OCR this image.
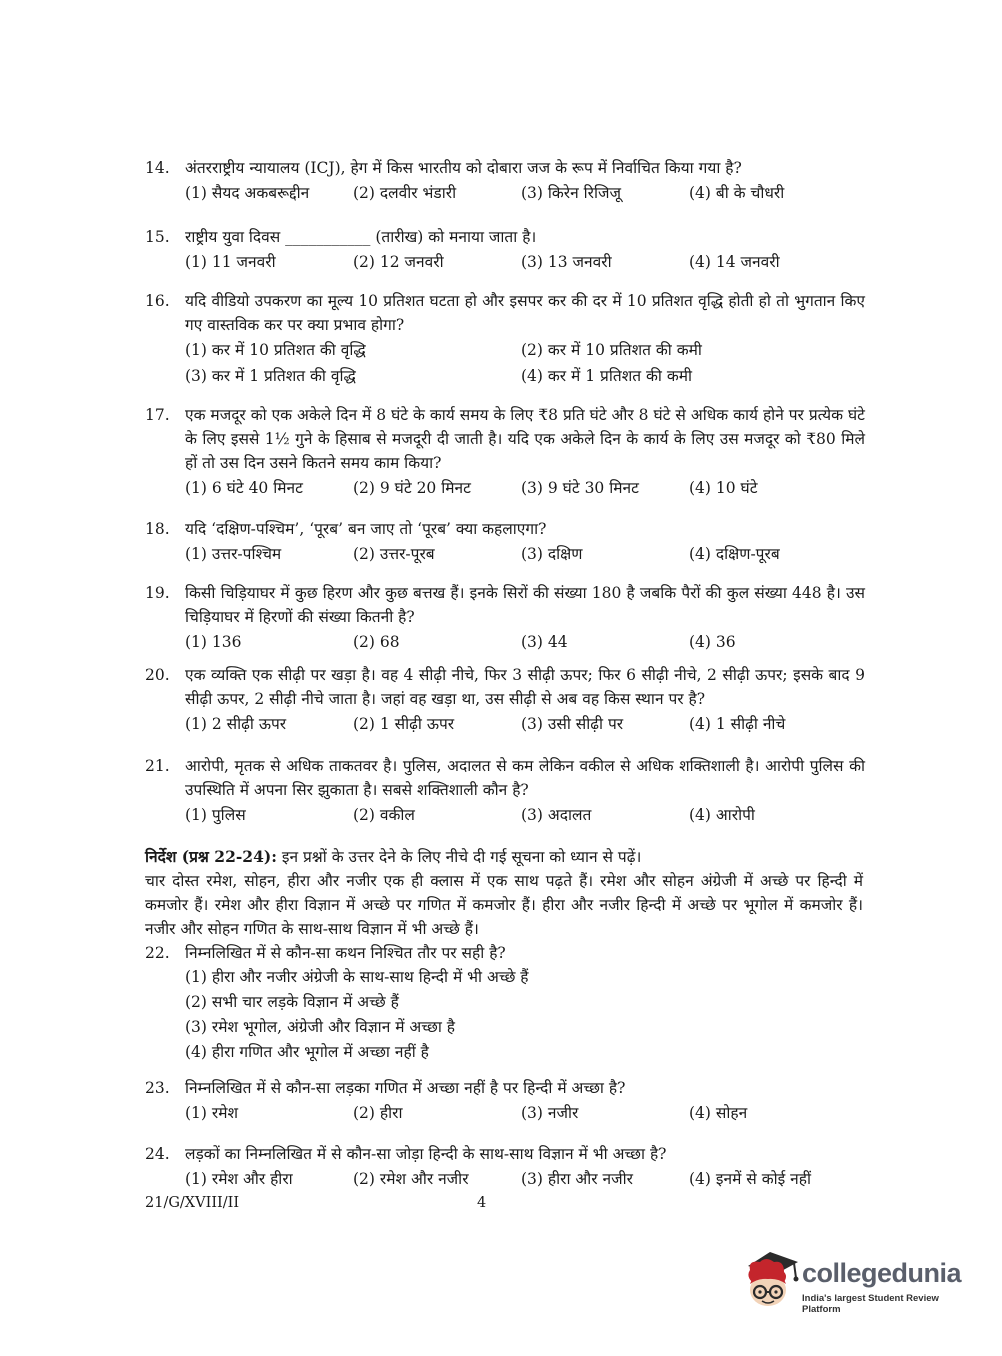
14. अंतरराष्ट्रीय न्यायालय (ICJ), हेग में किस भारतीय को दोबारा जज के रूप में निर्वाचित किया गया है?
(1) सैयद अकबरूद्दीन	(2) दलवीर भंडारी	(3) किरेन रिजिजू	(4) बी के चौधरी
15. राष्ट्रीय युवा दिवस ___________ (तारीख) को मनाया जाता है।
(1) 11 जनवरी	(2) 12 जनवरी	(3) 13 जनवरी	(4) 14 जनवरी
16. यदि वीडियो उपकरण का मूल्य 10 प्रतिशत घटता हो और इसपर कर की दर में 10 प्रतिशत वृद्धि होती हो तो भुगतान किए गए वास्तविक कर पर क्या प्रभाव होगा?
(1) कर में 10 प्रतिशत की वृद्धि	(2) कर में 10 प्रतिशत की कमी
(3) कर में 1 प्रतिशत की वृद्धि	(4) कर में 1 प्रतिशत की कमी
17. एक मजदूर को एक अकेले दिन में 8 घंटे के कार्य समय के लिए ₹8 प्रति घंटे और 8 घंटे से अधिक कार्य होने पर प्रत्येक घंटे के लिए इससे 1½ गुने के हिसाब से मजदूरी दी जाती है। यदि एक अकेले दिन के कार्य के लिए उस मजदूर को ₹80 मिले हों तो उस दिन उसने कितने समय काम किया?
(1) 6 घंटे 40 मिनट	(2) 9 घंटे 20 मिनट	(3) 9 घंटे 30 मिनट	(4) 10 घंटे
18. यदि ‘दक्षिण-पश्चिम’, ‘पूरब’ बन जाए तो ‘पूरब’ क्या कहलाएगा?
(1) उत्तर-पश्चिम	(2) उत्तर-पूरब	(3) दक्षिण	(4) दक्षिण-पूरब
19. किसी चिड़ियाघर में कुछ हिरण और कुछ बत्तख हैं। इनके सिरों की संख्या 180 है जबकि पैरों की कुल संख्या 448 है। उस चिड़ियाघर में हिरणों की संख्या कितनी है?
(1) 136	(2) 68	(3) 44	(4) 36
20. एक व्यक्ति एक सीढ़ी पर खड़ा है। वह 4 सीढ़ी नीचे, फिर 3 सीढ़ी ऊपर; फिर 6 सीढ़ी नीचे, 2 सीढ़ी ऊपर; इसके बाद 9 सीढ़ी ऊपर, 2 सीढ़ी नीचे जाता है। जहां वह खड़ा था, उस सीढ़ी से अब वह किस स्थान पर है?
(1) 2 सीढ़ी ऊपर	(2) 1 सीढ़ी ऊपर	(3) उसी सीढ़ी पर	(4) 1 सीढ़ी नीचे
21. आरोपी, मृतक से अधिक ताकतवर है। पुलिस, अदालत से कम लेकिन वकील से अधिक शक्तिशाली है। आरोपी पुलिस की उपस्थिति में अपना सिर झुकाता है। सबसे शक्तिशाली कौन है?
(1) पुलिस	(2) वकील	(3) अदालत	(4) आरोपी
निर्देश (प्रश्न 22-24): इन प्रश्नों के उत्तर देने के लिए नीचे दी गई सूचना को ध्यान से पढ़ें।
चार दोस्त रमेश, सोहन, हीरा और नजीर एक ही क्लास में एक साथ पढ़ते हैं। रमेश और सोहन अंग्रेजी में अच्छे पर हिन्दी में कमजोर हैं। रमेश और हीरा विज्ञान में अच्छे पर गणित में कमजोर हैं। हीरा और नजीर हिन्दी में अच्छे पर भूगोल में कमजोर हैं। नजीर और सोहन गणित के साथ-साथ विज्ञान में भी अच्छे हैं।
22. निम्नलिखित में से कौन-सा कथन निश्चित तौर पर सही है?
(1) हीरा और नजीर अंग्रेजी के साथ-साथ हिन्दी में भी अच्छे हैं
(2) सभी चार लड़के विज्ञान में अच्छे हैं
(3) रमेश भूगोल, अंग्रेजी और विज्ञान में अच्छा है
(4) हीरा गणित और भूगोल में अच्छा नहीं है
23. निम्नलिखित में से कौन-सा लड़का गणित में अच्छा नहीं है पर हिन्दी में अच्छा है?
(1) रमेश	(2) हीरा	(3) नजीर	(4) सोहन
24. लड़कों का निम्नलिखित में से कौन-सा जोड़ा हिन्दी के साथ-साथ विज्ञान में भी अच्छा है?
(1) रमेश और हीरा	(2) रमेश और नजीर	(3) हीरा और नजीर	(4) इनमें से कोई नहीं
21/G/XVIII/II	4
collegedunia
India's largest Student Review Platform
